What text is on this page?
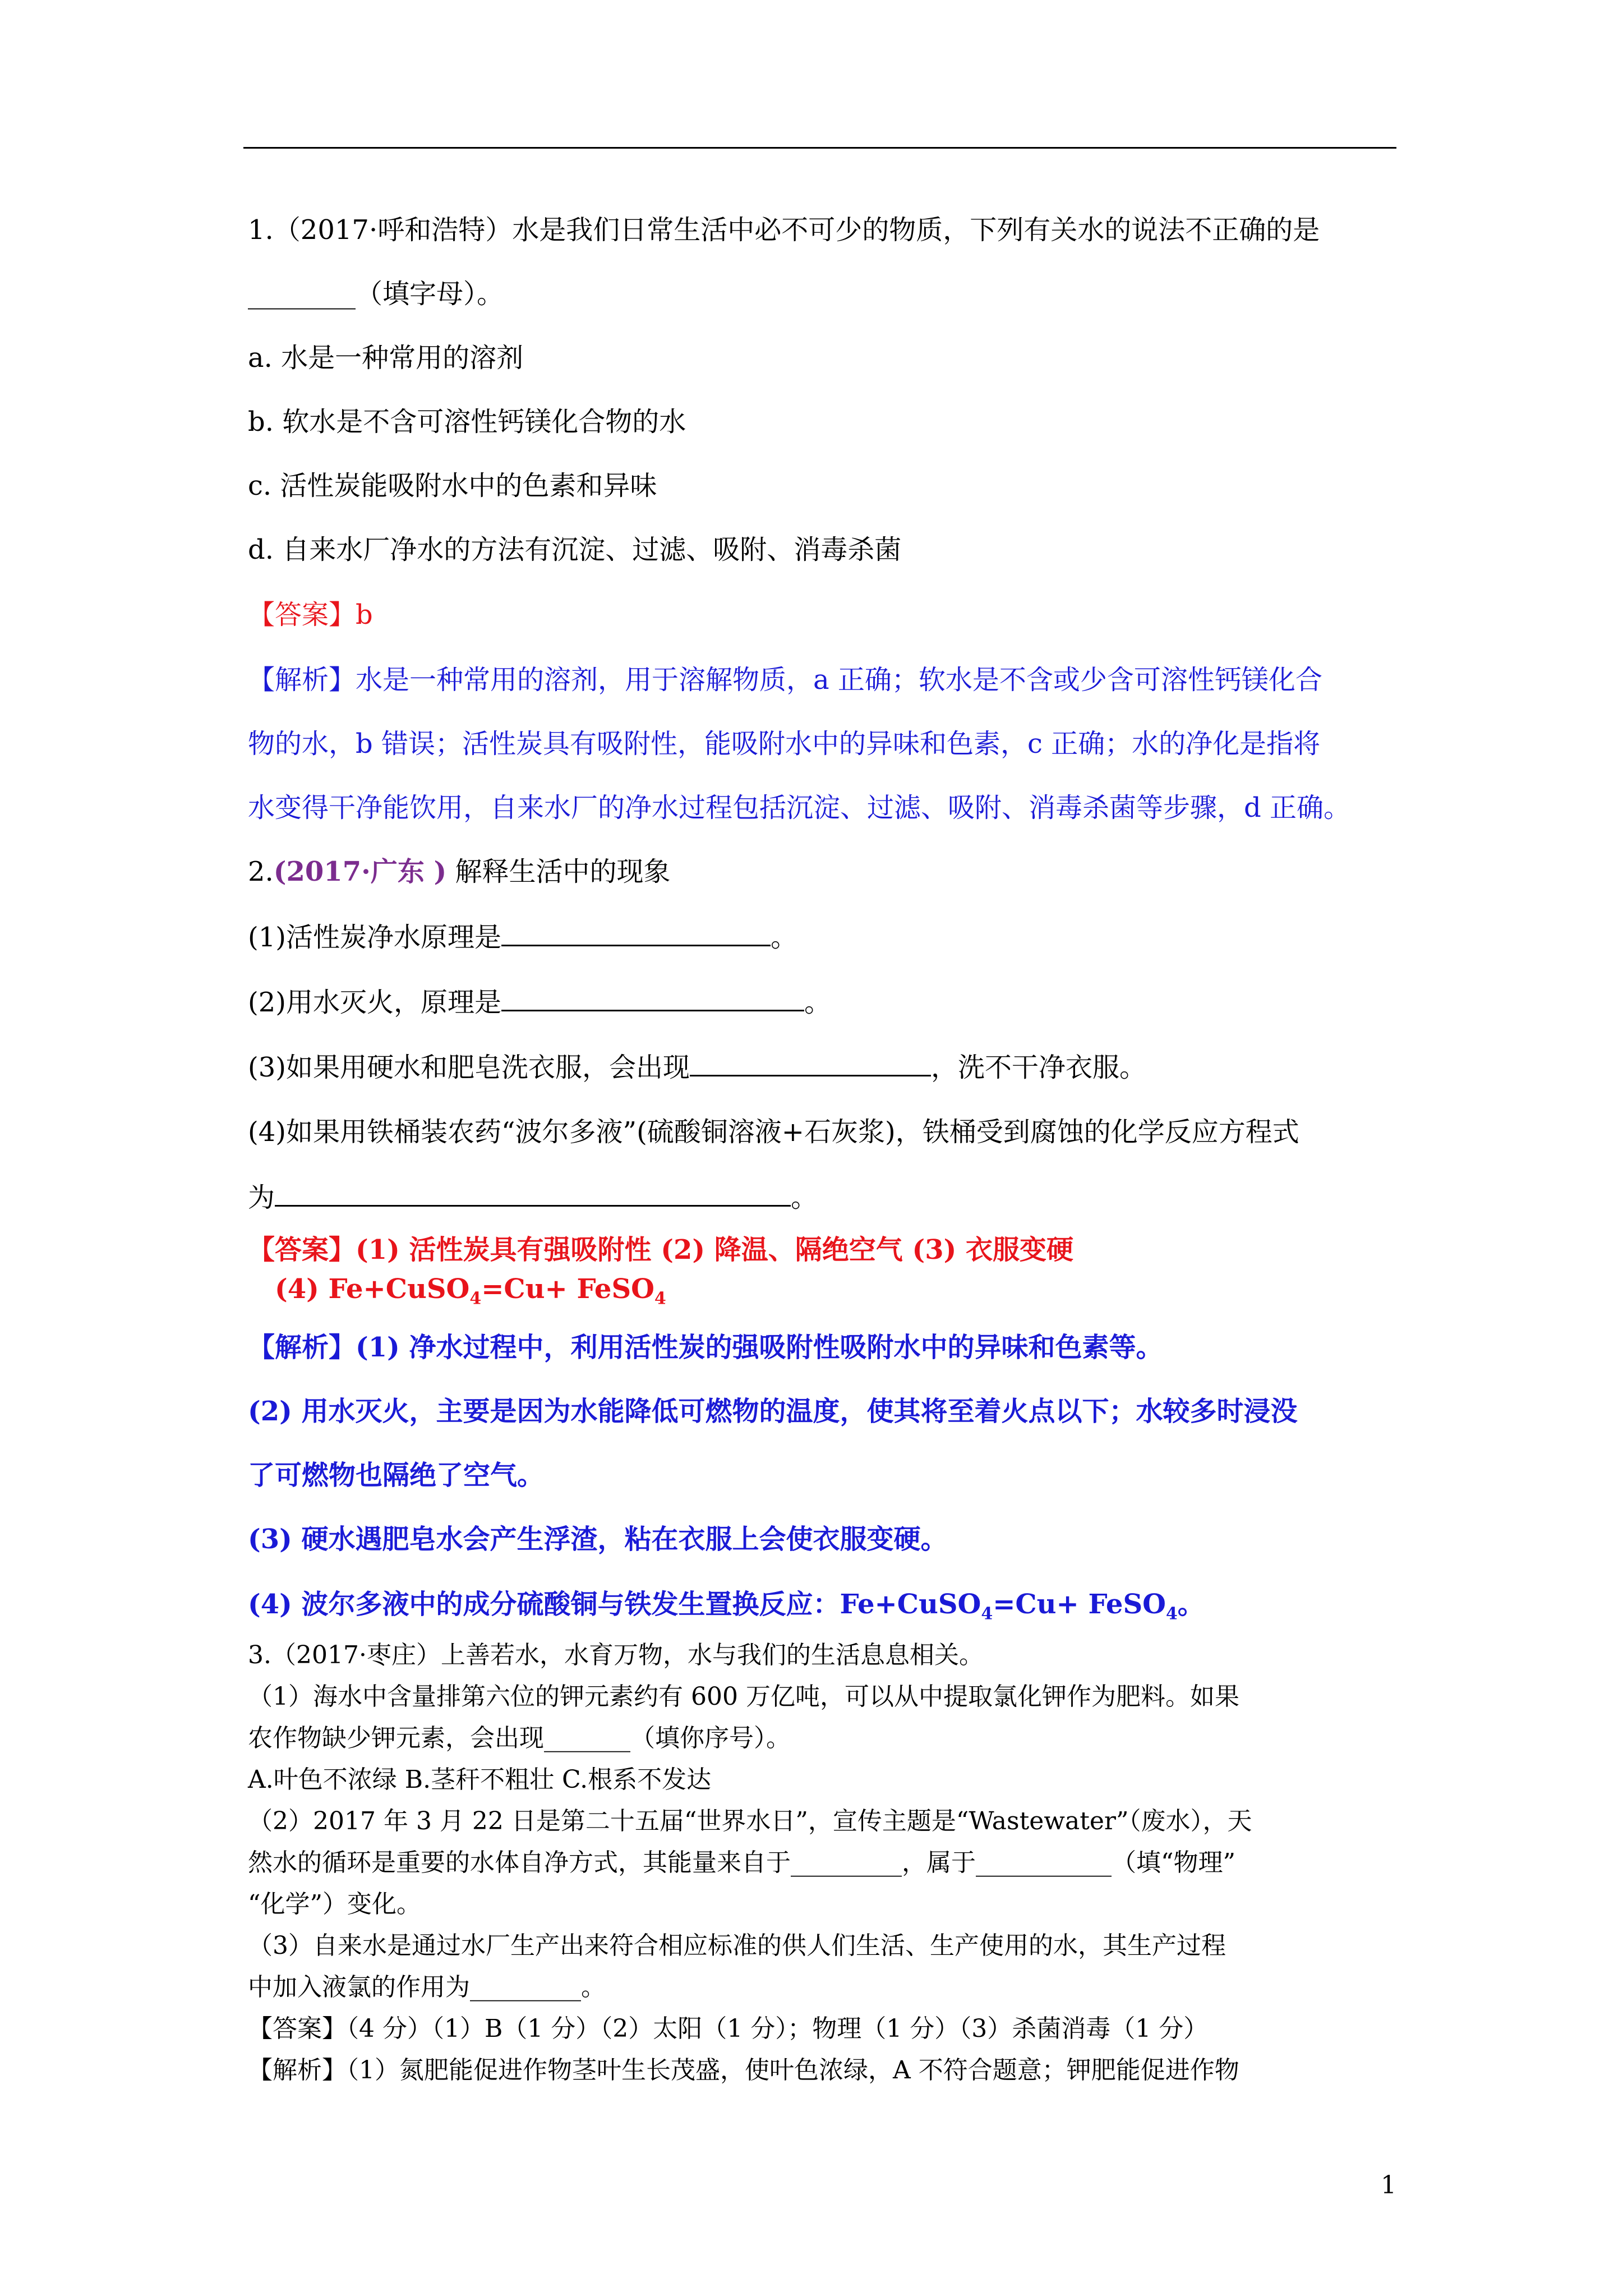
1.（2017·呼和浩特）水是我们日常生活中必不可少的物质，下列有关水的说法不正确的是
________（填字母）。
a. 水是一种常用的溶剂
b. 软水是不含可溶性钙镁化合物的水
c. 活性炭能吸附水中的色素和异味
d. 自来水厂净水的方法有沉淀、过滤、吸附、消毒杀菌
【答案】b
【解析】水是一种常用的溶剂，用于溶解物质，a 正确；软水是不含或少含可溶性钙镁化合
物的水，b 错误；活性炭具有吸附性，能吸附水中的异味和色素，c 正确；水的净化是指将
水变得干净能饮用，自来水厂的净水过程包括沉淀、过滤、吸附、消毒杀菌等步骤，d 正确。
2.(2017·广东 ) 解释生活中的现象
(1)活性炭净水原理是	。
(2)用水灭火，原理是	。
(3)如果用硬水和肥皂洗衣服，会出现	，洗不干净衣服。
(4)如果用铁桶装农药“波尔多液”(硫酸铜溶液+石灰浆)，铁桶受到腐蚀的化学反应方程式
为	。
【答案】(1) 活性炭具有强吸附性 (2) 降温、隔绝空气 (3) 衣服变硬
(4) Fe+CuSO$_4$=Cu+ FeSO$_4$
【解析】(1) 净水过程中，利用活性炭的强吸附性吸附水中的异味和色素等。
(2) 用水灭火，主要是因为水能降低可燃物的温度，使其将至着火点以下；水较多时浸没
了可燃物也隔绝了空气。
(3) 硬水遇肥皂水会产生浮渣，粘在衣服上会使衣服变硬。
(4) 波尔多液中的成分硫酸铜与铁发生置换反应：Fe+CuSO$_4$=Cu+ FeSO$_4$。
3.（2017·枣庄）上善若水，水育万物，水与我们的生活息息相关。
（1）海水中含量排第六位的钾元素约有 600 万亿吨，可以从中提取氯化钾作为肥料。如果
农作物缺少钾元素，会出现_______（填你序号）。
A.叶色不浓绿 B.茎秆不粗壮 C.根系不发达
（2）2017 年 3 月 22 日是第二十五届“世界水日”，宣传主题是“Wastewater”（废水），天
然水的循环是重要的水体自净方式，其能量来自于_________，属于___________（填“物理”
“化学”）变化。
（3）自来水是通过水厂生产出来符合相应标准的供人们生活、生产使用的水，其生产过程
中加入液氯的作用为_________。
【答案】（4 分）（1）B（1 分）（2）太阳（1 分）；物理（1 分）（3）杀菌消毒（1 分）
【解析】（1）氮肥能促进作物茎叶生长茂盛，使叶色浓绿，A 不符合题意；钾肥能促进作物
1
